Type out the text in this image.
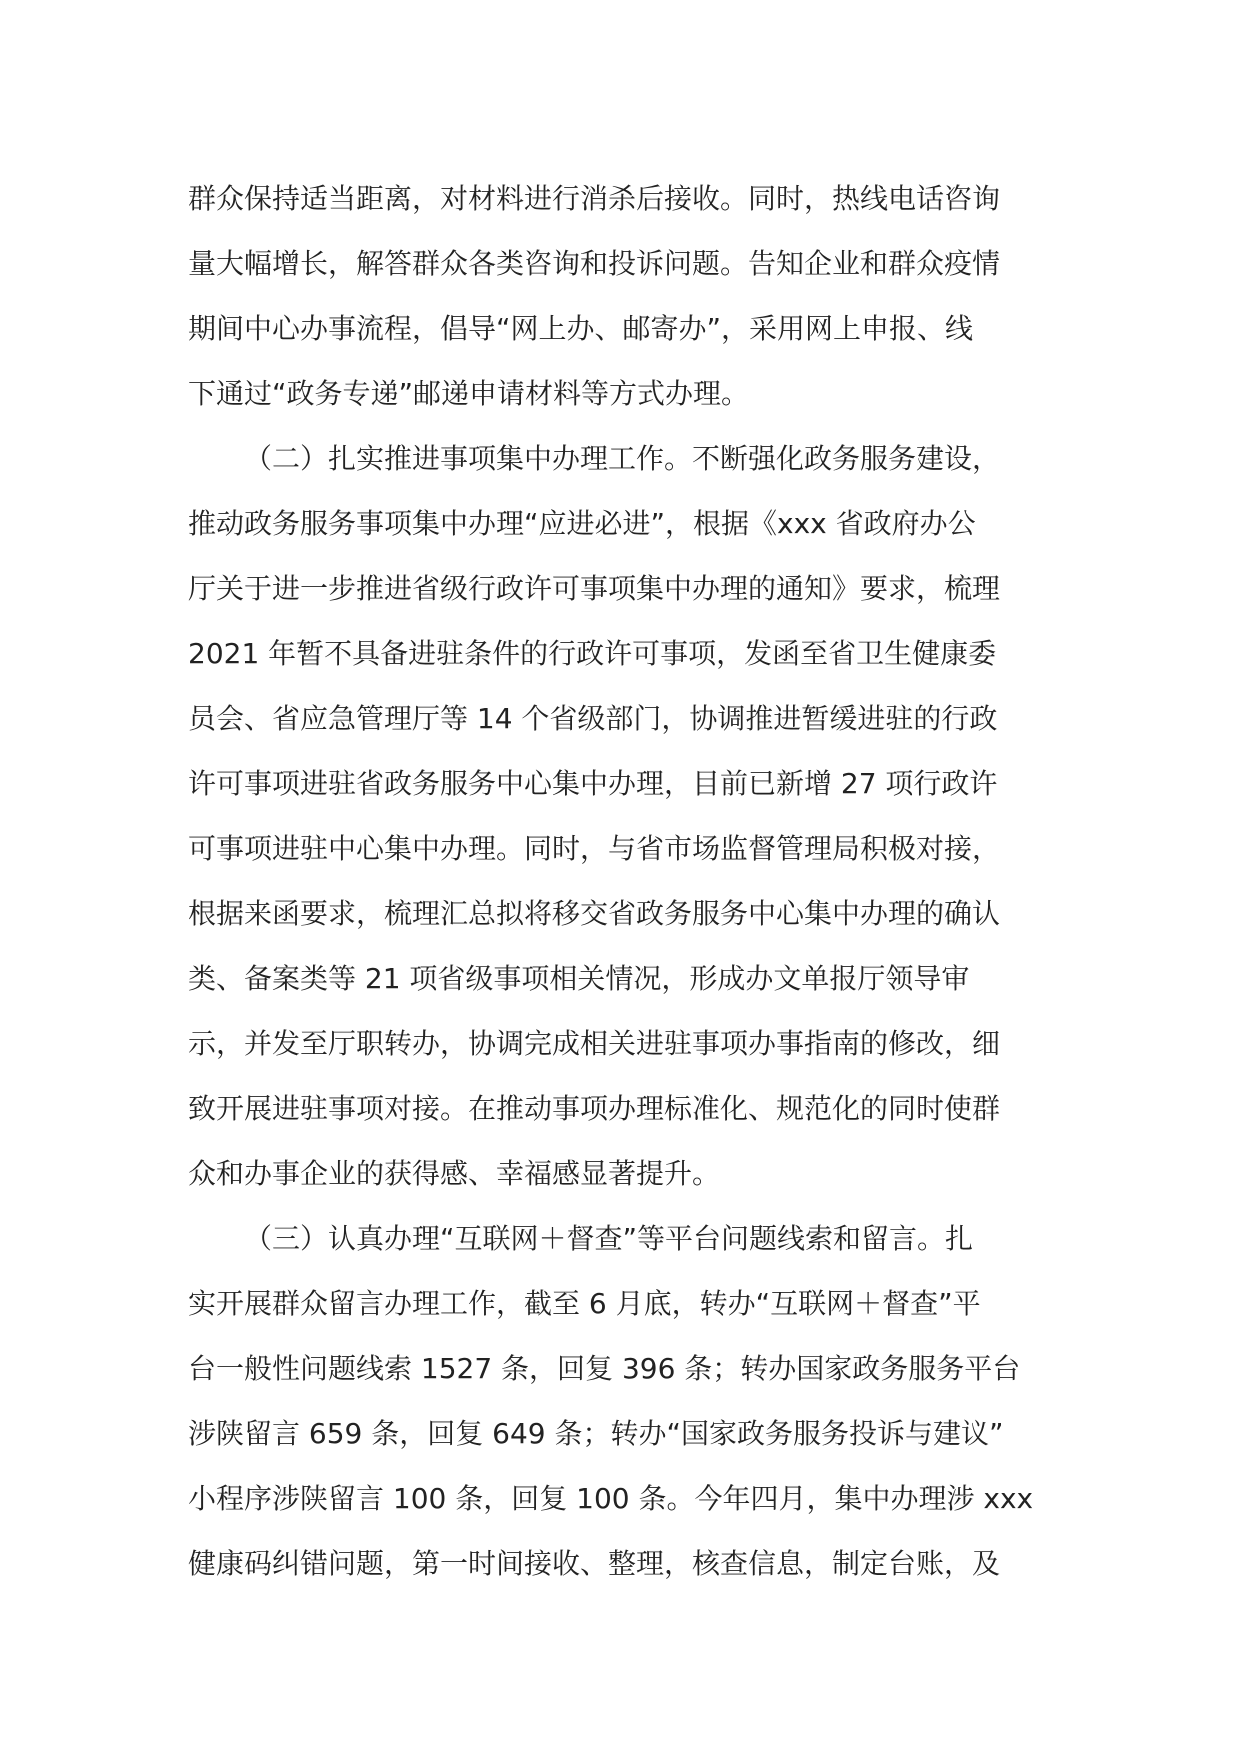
群众保持适当距离，对材料进行消杀后接收。同时，热线电话咨询

量大幅增长，解答群众各类咨询和投诉问题。告知企业和群众疫情

期间中心办事流程，倡导“网上办、邮寄办”，采用网上申报、线

下通过“政务专递”邮递申请材料等方式办理。

（二）扎实推进事项集中办理工作。不断强化政务服务建设，

推动政务服务事项集中办理“应进必进”，根据《xxx 省政府办公

厅关于进一步推进省级行政许可事项集中办理的通知》要求，梳理

2021 年暂不具备进驻条件的行政许可事项，发函至省卫生健康委

员会、省应急管理厅等 14 个省级部门，协调推进暂缓进驻的行政

许可事项进驻省政务服务中心集中办理，目前已新增 27 项行政许

可事项进驻中心集中办理。同时，与省市场监督管理局积极对接，

根据来函要求，梳理汇总拟将移交省政务服务中心集中办理的确认

类、备案类等 21 项省级事项相关情况，形成办文单报厅领导审

示，并发至厅职转办，协调完成相关进驻事项办事指南的修改，细

致开展进驻事项对接。在推动事项办理标准化、规范化的同时使群

众和办事企业的获得感、幸福感显著提升。

（三）认真办理“互联网＋督查”等平台问题线索和留言。扎

实开展群众留言办理工作，截至 6 月底，转办“互联网＋督查”平

台一般性问题线索 1527 条，回复 396 条；转办国家政务服务平台

涉陕留言 659 条，回复 649 条；转办“国家政务服务投诉与建议”

小程序涉陕留言 100 条，回复 100 条。今年四月，集中办理涉 xxx

健康码纠错问题，第一时间接收、整理，核查信息，制定台账，及
